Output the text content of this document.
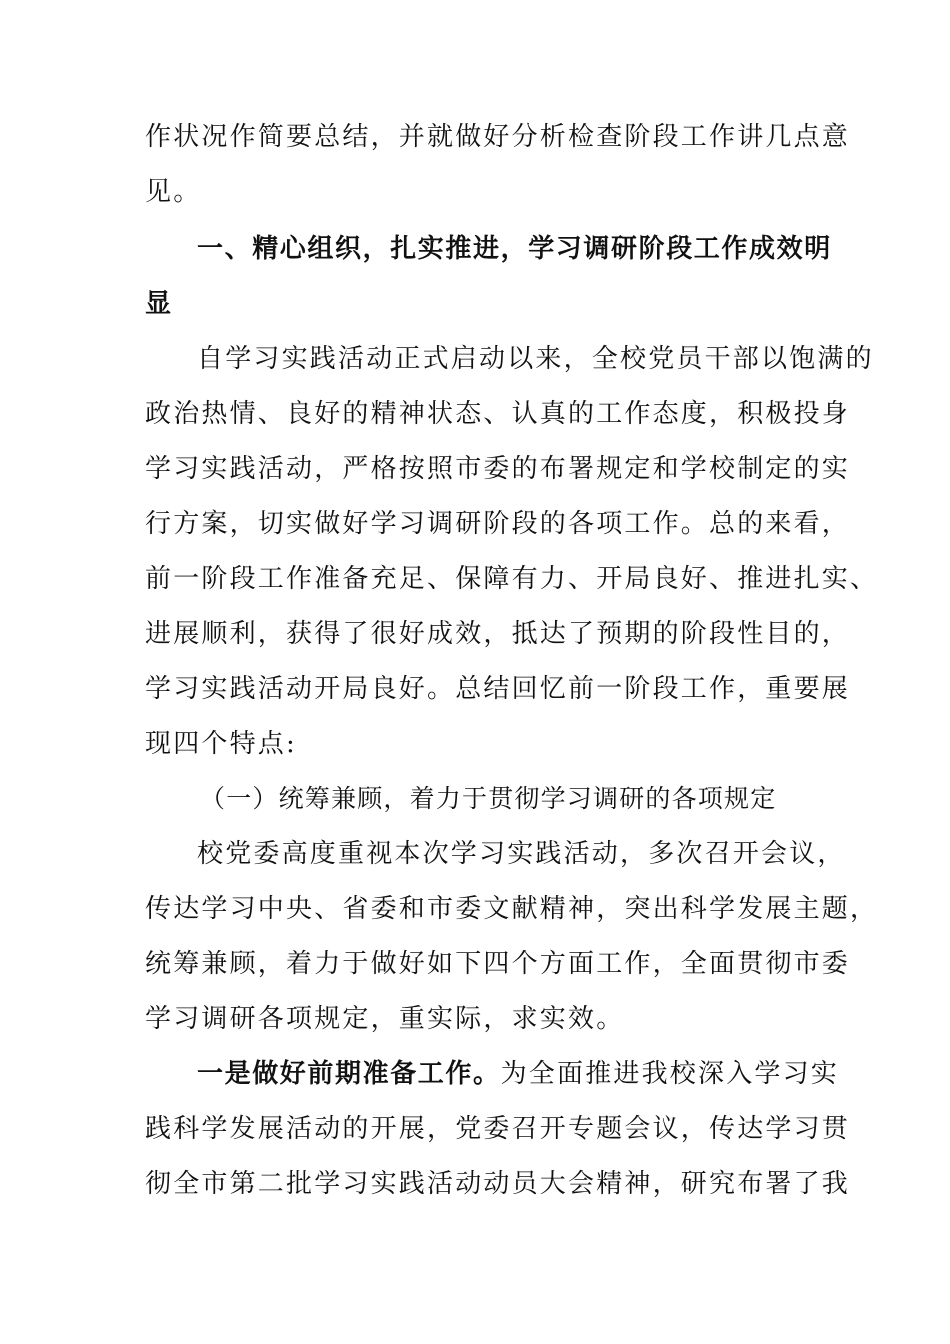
作状况作简要总结，并就做好分析检查阶段工作讲几点意
见。
一、精心组织，扎实推进，学习调研阶段工作成效明
显
自学习实践活动正式启动以来，全校党员干部以饱满的
政治热情、良好的精神状态、认真的工作态度，积极投身
学习实践活动，严格按照市委的布署规定和学校制定的实
行方案，切实做好学习调研阶段的各项工作。总的来看，
前一阶段工作准备充足、保障有力、开局良好、推进扎实、
进展顺利，获得了很好成效，抵达了预期的阶段性目的，
学习实践活动开局良好。总结回忆前一阶段工作，重要展
现四个特点:
（一）统筹兼顾，着力于贯彻学习调研的各项规定
校党委高度重视本次学习实践活动，多次召开会议，
传达学习中央、省委和市委文献精神，突出科学发展主题，
统筹兼顾，着力于做好如下四个方面工作，全面贯彻市委
学习调研各项规定，重实际，求实效。
一是做好前期准备工作。为全面推进我校深入学习实
践科学发展活动的开展，党委召开专题会议，传达学习贯
彻全市第二批学习实践活动动员大会精神，研究布署了我
